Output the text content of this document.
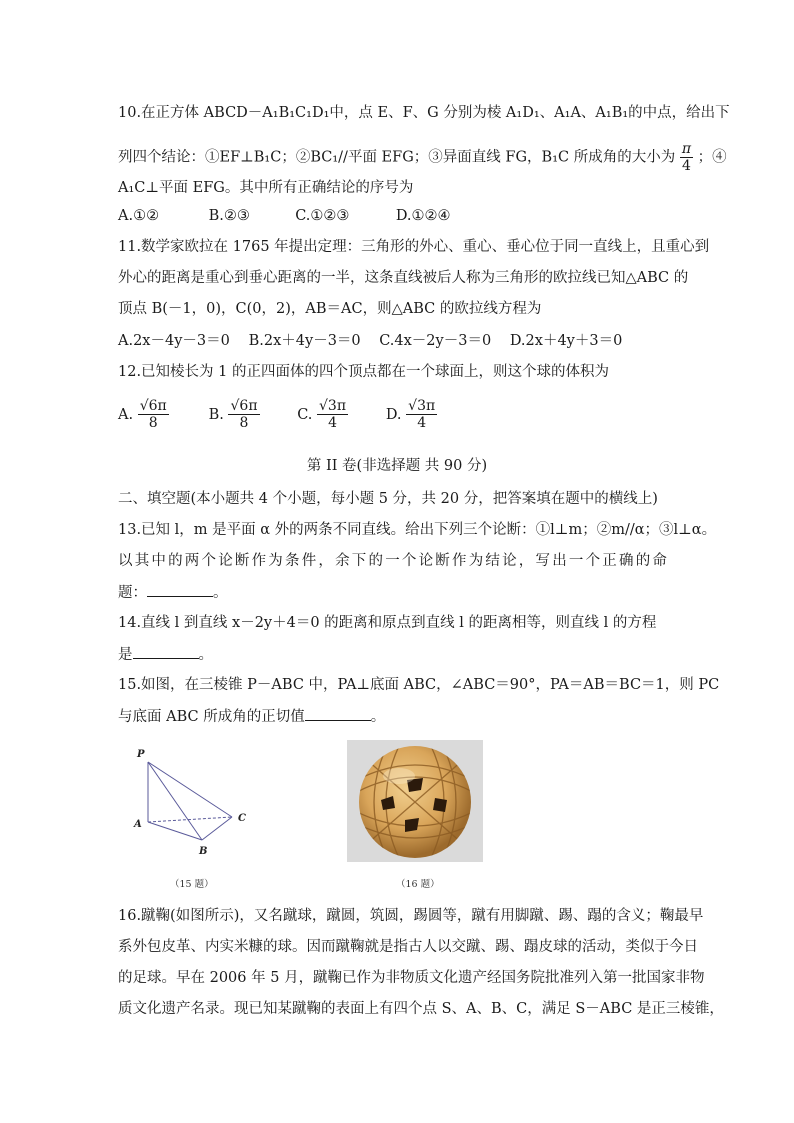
10.在正方体 ABCD－A₁B₁C₁D₁中，点 E、F、G 分别为棱 A₁D₁、A₁A、A₁B₁的中点，给出下
列四个结论：①EF⊥B₁C；②BC₁//平面 EFG；③异面直线 FG，B₁C 所成角的大小为 $\frac{\pi}{4}$ ；④
A₁C⊥平面 EFG。其中所有正确结论的序号为
A.①②	B.②③	C.①②③	D.①②④
11.数学家欧拉在 1765 年提出定理：三角形的外心、重心、垂心位于同一直线上，且重心到
外心的距离是重心到垂心距离的一半，这条直线被后人称为三角形的欧拉线已知△ABC 的
顶点 B(－1，0)，C(0，2)，AB＝AC，则△ABC 的欧拉线方程为
A.2x－4y－3＝0 B.2x＋4y－3＝0 C.4x－2y－3＝0 D.2x＋4y＋3＝0
12.已知棱长为 1 的正四面体的四个顶点都在一个球面上，则这个球的体积为
A. $\frac{√6\pi}{8}$	B. $\frac{√6\pi}{8}$	C. $\frac{√3\pi}{4}$	D. $\frac{√3\pi}{4}$
第 II 卷(非选择题 共 90 分)
二、填空题(本小题共 4 个小题，每小题 5 分，共 20 分，把答案填在题中的横线上)
13.已知 l，m 是平面 α 外的两条不同直线。给出下列三个论断：①l⊥m；②m//α；③l⊥α。
以其中的两个论断作为条件，余下的一个论断作为结论，写出一个正确的命
题：	。
14.直线 l 到直线 x－2y＋4＝0 的距离和原点到直线 l 的距离相等，则直线 l 的方程
是	。
15.如图，在三棱锥 P－ABC 中，PA⊥底面 ABC，∠ABC＝90°，PA＝AB＝BC＝1，则 PC
与底面 ABC 所成角的正切值	。
P
A
B
C
（15 题）	（16 题）
16.蹴鞠(如图所示)，又名蹴球，蹴圆，筑圆，踢圆等，蹴有用脚蹴、踢、蹋的含义；鞠最早
系外包皮革、内实米糠的球。因而蹴鞠就是指古人以交蹴、踢、蹋皮球的活动，类似于今日
的足球。早在 2006 年 5 月，蹴鞠已作为非物质文化遗产经国务院批准列入第一批国家非物
质文化遗产名录。现已知某蹴鞠的表面上有四个点 S、A、B、C，满足 S－ABC 是正三棱锥，
